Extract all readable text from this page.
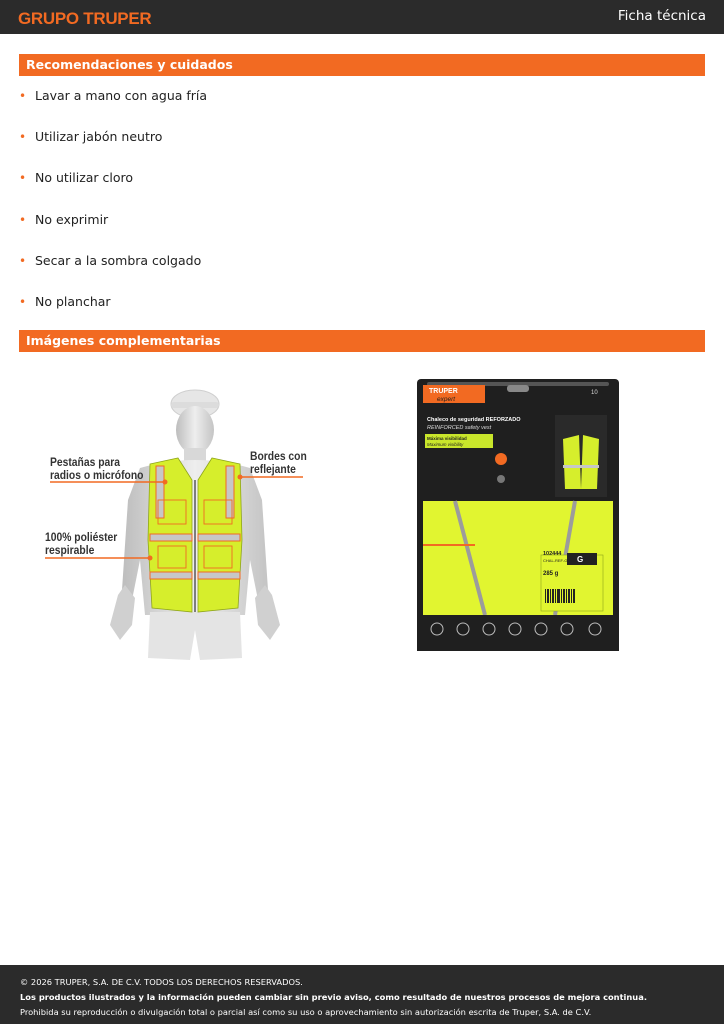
GRUPO TRUPER	Ficha técnica
Recomendaciones y cuidados
• Lavar a mano con agua fría
• Utilizar jabón neutro
• No utilizar cloro
• No exprimir
• Secar a la sombra colgado
• No planchar
Imágenes complementarias
Pestañas para
radios o micrófono
Bordes con
reflejante
100% poliéster
respirable
TRUPER
expert
10
Chaleco de seguridad REFORZADO
REINFORCED safety vest
Máxima visibilidad
Maximum visibility
102444
CHAL-REF-G G
285 g
© 2026 TRUPER, S.A. DE C.V. TODOS LOS DERECHOS RESERVADOS.
Los productos ilustrados y la información pueden cambiar sin previo aviso, como resultado de nuestros procesos de mejora continua.
Prohibida su reproducción o divulgación total o parcial así como su uso o aprovechamiento sin autorización escrita de Truper, S.A. de C.V.
